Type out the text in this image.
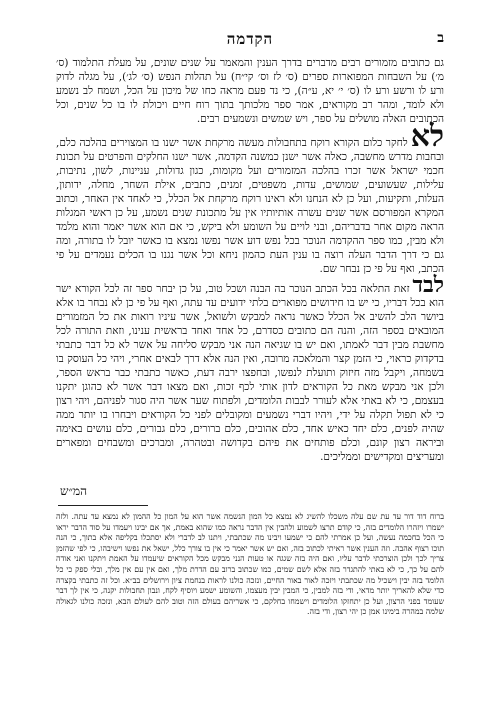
הקדמה	ב

גם כתובים מזמורים רבים מדברים בדרך הענין והמאמר על שנים שונים, על מעלת התלמוד (ס׳ מ׳) על השבחות המפוארות ספרים (ס׳ לז וס׳ קי״ח) על תהלות הנפש (ס׳ לג׳), על מגלה לדוק ורע לו ורשע ורע לו (ס׳ י׳ יא, ע״ה), כי נד פעם מראה כחו של מיכון על הכל, ושמח לב נשמע ולא לומד, ומהר רב מקוראים, אמר ספר מלכותך בתוך רוח חיים ויכולת לו בו כל שנים, וכל הכתובים האלה מושלים על ספר, ויש שמשים ונשמעים רבים.

לאלחקר כלום הקורא רוקח בתחבולות מעשה מרקחת אשר ישנו בו המצוירים בהלכה כלם, ובחבות מדרש מחשבה, כאלה אשר ישנן כמשנה הקדמה, אשר ישנו החלקים והפרטים על תכונת חכמי ישראל אשר זכרו בהלכה המזמורים ועל מקומות, כגון גדולות, עניינות, לשון, נתיבות, עלילות, שעשועים, שמושים, עדות, משפטים, זמנים, כתבים, אילת השחר, מחלה, ידותון, העלות, ותקיעות, ועל כן לא הנחנו ולא ראינו רוקח מרקחת אל הכלל, כי לאחד אין האחר, וכתוב המקרא המפורסם אשר שנים עשרה אותיותיו אין על מתכונת שנים נשמע, על כן ראשי המגלות הראה מקום אחר בדבריהם, ובני לויים על השומע ולא ביקש, כי אם הוא אשר יאמר והוא מלמד ולא מבין, כמו ספר ההקדמה הנוכר בכל נפש דוע אשר נפשו נמצא בו כאשר יובל לו בתורה, ומה גם כי דרך הדבר העלה רוצה בו ענין העת כהמון ניחא וכל אשר נגנו בו הכלים נעמדים על פי הכתב, ואף על פי כן נבחר שם.

לבדזאת התלאה בכל הכתב הנוכר בה הבנה ושכל טוב, על כן יבחר ספר זה לכל הקורא ישר הוא בכל דבריו, כי יש בו חידושים מפוארים בלתי ידועים עד עתה, ואף על פי כן לא נבחר בו אלא ביושר הלב להשיב אל הכלל כאשר נראה למבקש ולשואל, אשר עיניו רואות את כל המזמורים המובאים בספר הזה, והנה הם כתובים כסדרם, כל אחד ואחד בראשית ענינו, וזאת התורה לכל מחשבת מבין דבר לאמתו, ואם יש בו שגיאה הנה אני מבקש סליחה על אשר לא כל דבר כתבתי בדקדוק כראוי, כי הזמן קצר והמלאכה מרובה, ואין הנה אלא דרך לבאים אחרי, ויהי כל העוסק בו בשמחה, ויקבל מזה חיזוק ותועלת לנפשו, ובחפצו ירבה דעת, כאשר כתבתי כבר בראש הספר, ולכן אני מבקש מאת כל הקוראים לדון אותי לכף זכות, ואם מצאו דבר אשר לא כהוגן יתקנו בעצמם, כי לא באתי אלא לעורר לבבות הלומדים, ולפתוח שער אשר היה סגור לפניהם, ויהי רצון כי לא תפול תקלה על ידי, ויהיו דברי נשמעים ומקובלים לפני כל הקוראים ויבחרו בו יותר ממה שהיה לפנים, כלם יחד כאיש אחד, כלם אהובים, כלם ברורים, כלם גבורים, כלם עושים באימה וביראה רצון קונם, וכלם פותחים את פיהם בקדושה ובטהרה, ומברכים ומשבחים ומפארים ומעריצים ומקדישים וממליכים.

המ״ש

ברוח דוד דור עד עת שם עלה משכלו להשיג לא נמצא כל המון הנשמה אשר הוא על המון כל ההמון לא נמצא עד עתה. ולזה ישמרו ויזהרו הלומדים בזה, כי קודם תרצו לשמוע ולהבין אין הדבר נראה כמו שהוא באמת, אך אם יבינו ויעמדו על סוד הדבר יראו כי הכל בחכמה נעשה, ועל כן אמרתי להם כי ישמעו ויבינו מה שכתבתי, ויתנו לב לדברי ולא יסתכלו בקליפה אלא בתוך, כי הנה תוכו רצוף אהבה. וזה הענין אשר ראיתי לכתוב בזה, ואם יש אשר יאמר כי אין בו צורך כלל, ישאל את נפשו וישיבהו, כי לפי שהזמן צריך לכך ולכן הוצרכתי לדבר עליו, ואם היה בזה שגגה או טעות הנני מבקש מכל הקוראים שיעמדו על האמת ויתקנו ואני אודה להם על כך, כי לא באתי להתגדר בזה אלא לשם שמים, כמו שכתוב ברוב עם הדרת מלך, ואם אין עם אין מלך, ובלי ספק כי כל הלומד בזה יבין וישכיל מה שכתבתי ויזכה לאור באור החיים, ונזכה כולנו לראות בנחמת ציון וירושלים בב״א. וכל זה כתבתי בקצרה כדי שלא להאריך יותר מדאי, ודי בזה למבין, כי המבין יבין מעצמו, והשומע ישמע ויוסיף לקח, ונבון תחבולות יקנה, כי אין לך דבר שעומד בפני הרצון, ועל כן יתחזקו הלומדים וישמחו בחלקם, כי אשריהם בעולם הזה וטוב להם לעולם הבא, ונזכה כולנו לגאולה שלמה במהרה בימינו אמן כן יהי רצון, ודי בזה.
